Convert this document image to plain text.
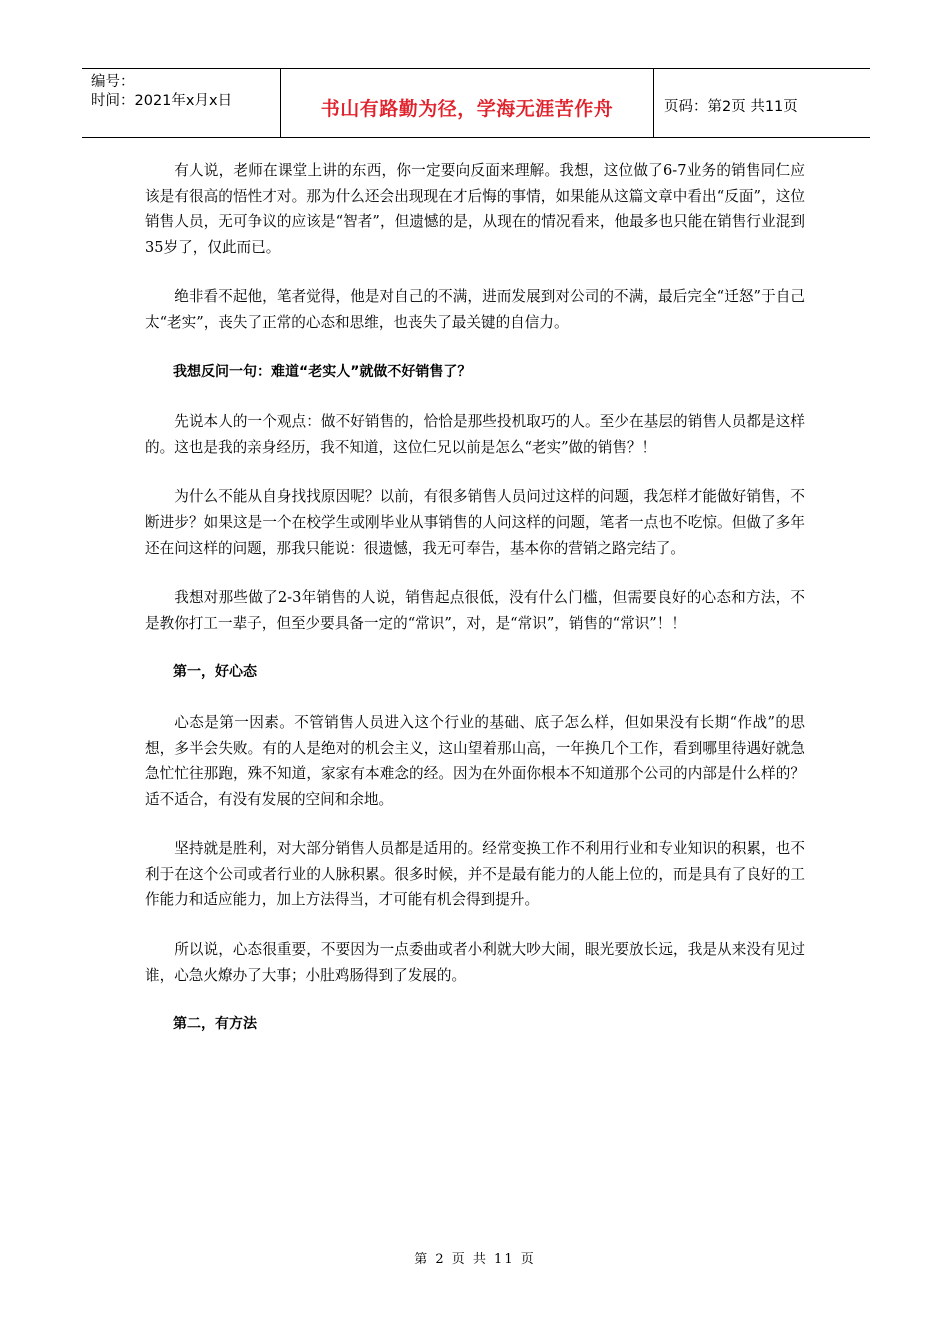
编号：
时间：2021年x月x日	书山有路勤为径，学海无涯苦作舟	页码：第2页 共11页

有人说，老师在课堂上讲的东西，你一定要向反面来理解。我想，这位做了6-7业务的销售同仁应该是有很高的悟性才对。那为什么还会出现现在才后悔的事情，如果能从这篇文章中看出“反面”，这位销售人员，无可争议的应该是“智者”，但遗憾的是，从现在的情况看来，他最多也只能在销售行业混到35岁了，仅此而已。

绝非看不起他，笔者觉得，他是对自己的不满，进而发展到对公司的不满，最后完全“迁怒”于自己太“老实”，丧失了正常的心态和思维，也丧失了最关键的自信力。

我想反问一句：难道“老实人”就做不好销售了？

先说本人的一个观点：做不好销售的，恰恰是那些投机取巧的人。至少在基层的销售人员都是这样的。这也是我的亲身经历，我不知道，这位仁兄以前是怎么“老实”做的销售？！

为什么不能从自身找找原因呢？以前，有很多销售人员问过这样的问题，我怎样才能做好销售，不断进步？如果这是一个在校学生或刚毕业从事销售的人问这样的问题，笔者一点也不吃惊。但做了多年还在问这样的问题，那我只能说：很遗憾，我无可奉告，基本你的营销之路完结了。

我想对那些做了2-3年销售的人说，销售起点很低，没有什么门槛，但需要良好的心态和方法，不是教你打工一辈子，但至少要具备一定的“常识”，对，是“常识”，销售的“常识”！！

第一，好心态

心态是第一因素。不管销售人员进入这个行业的基础、底子怎么样，但如果没有长期“作战”的思想，多半会失败。有的人是绝对的机会主义，这山望着那山高，一年换几个工作，看到哪里待遇好就急急忙忙往那跑，殊不知道，家家有本难念的经。因为在外面你根本不知道那个公司的内部是什么样的？适不适合，有没有发展的空间和余地。

坚持就是胜利，对大部分销售人员都是适用的。经常变换工作不利用行业和专业知识的积累，也不利于在这个公司或者行业的人脉积累。很多时候，并不是最有能力的人能上位的，而是具有了良好的工作能力和适应能力，加上方法得当，才可能有机会得到提升。

所以说，心态很重要，不要因为一点委曲或者小利就大吵大闹，眼光要放长远，我是从来没有见过谁，心急火燎办了大事；小肚鸡肠得到了发展的。

第二，有方法

第 2 页 共 11 页
